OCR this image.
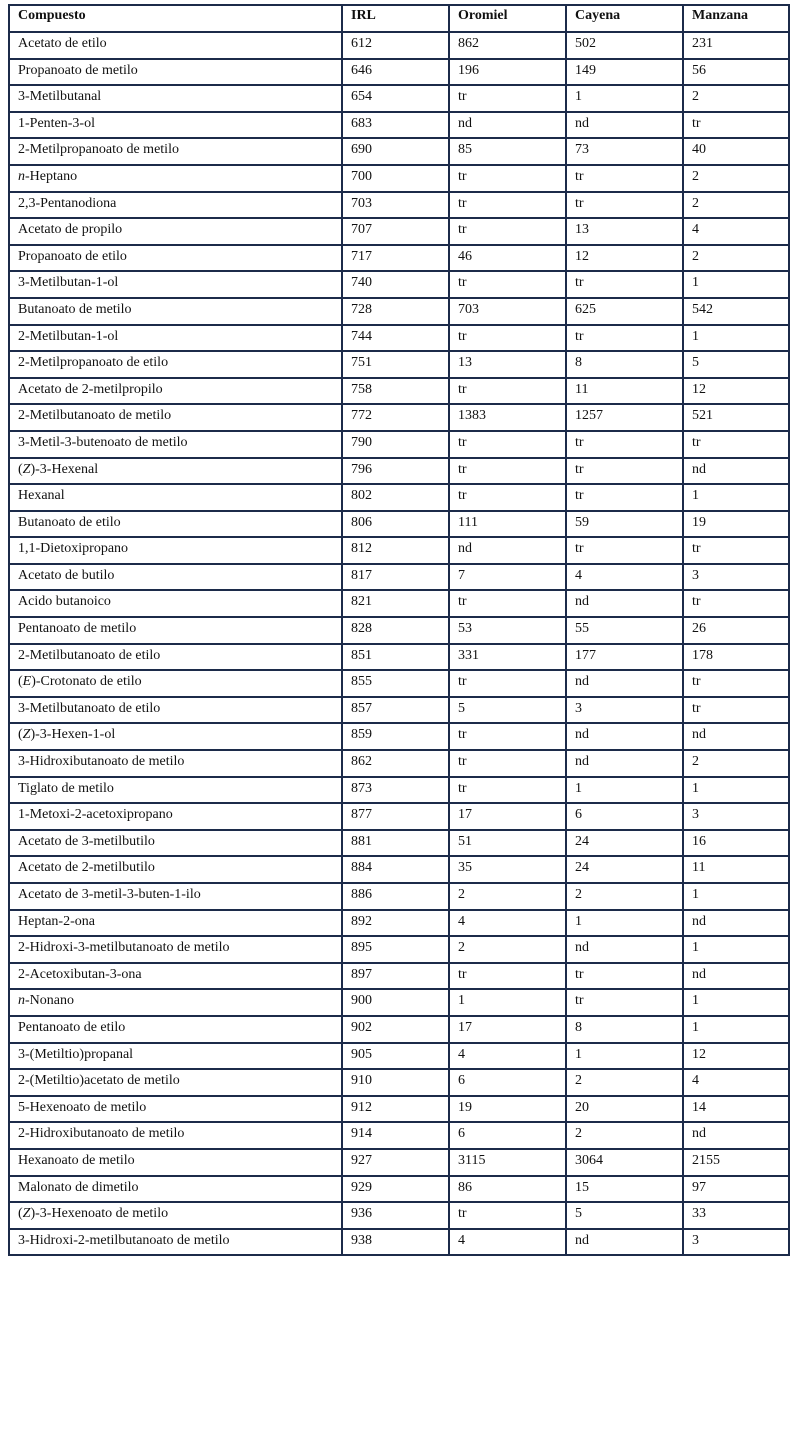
Compuesto	IRL	Oromiel	Cayena	Manzana
Acetato de etilo	612	862	502	231
Propanoato de metilo	646	196	149	56
3-Metilbutanal	654	tr	1	2
1-Penten-3-ol	683	nd	nd	tr
2-Metilpropanoato de metilo	690	85	73	40
n-Heptano	700	tr	tr	2
2,3-Pentanodiona	703	tr	tr	2
Acetato de propilo	707	tr	13	4
Propanoato de etilo	717	46	12	2
3-Metilbutan-1-ol	740	tr	tr	1
Butanoato de metilo	728	703	625	542
2-Metilbutan-1-ol	744	tr	tr	1
2-Metilpropanoato de etilo	751	13	8	5
Acetato de 2-metilpropilo	758	tr	11	12
2-Metilbutanoato de metilo	772	1383	1257	521
3-Metil-3-butenoato de metilo	790	tr	tr	tr
(Z)-3-Hexenal	796	tr	tr	nd
Hexanal	802	tr	tr	1
Butanoato de etilo	806	111	59	19
1,1-Dietoxipropano	812	nd	tr	tr
Acetato de butilo	817	7	4	3
Acido butanoico	821	tr	nd	tr
Pentanoato de metilo	828	53	55	26
2-Metilbutanoato de etilo	851	331	177	178
(E)-Crotonato de etilo	855	tr	nd	tr
3-Metilbutanoato de etilo	857	5	3	tr
(Z)-3-Hexen-1-ol	859	tr	nd	nd
3-Hidroxibutanoato de metilo	862	tr	nd	2
Tiglato de metilo	873	tr	1	1
1-Metoxi-2-acetoxipropano	877	17	6	3
Acetato de 3-metilbutilo	881	51	24	16
Acetato de 2-metilbutilo	884	35	24	11
Acetato de 3-metil-3-buten-1-ilo	886	2	2	1
Heptan-2-ona	892	4	1	nd
2-Hidroxi-3-metilbutanoato de metilo	895	2	nd	1
2-Acetoxibutan-3-ona	897	tr	tr	nd
n-Nonano	900	1	tr	1
Pentanoato de etilo	902	17	8	1
3-(Metiltio)propanal	905	4	1	12
2-(Metiltio)acetato de metilo	910	6	2	4
5-Hexenoato de metilo	912	19	20	14
2-Hidroxibutanoato de metilo	914	6	2	nd
Hexanoato de metilo	927	3115	3064	2155
Malonato de dimetilo	929	86	15	97
(Z)-3-Hexenoato de metilo	936	tr	5	33
3-Hidroxi-2-metilbutanoato de metilo	938	4	nd	3
